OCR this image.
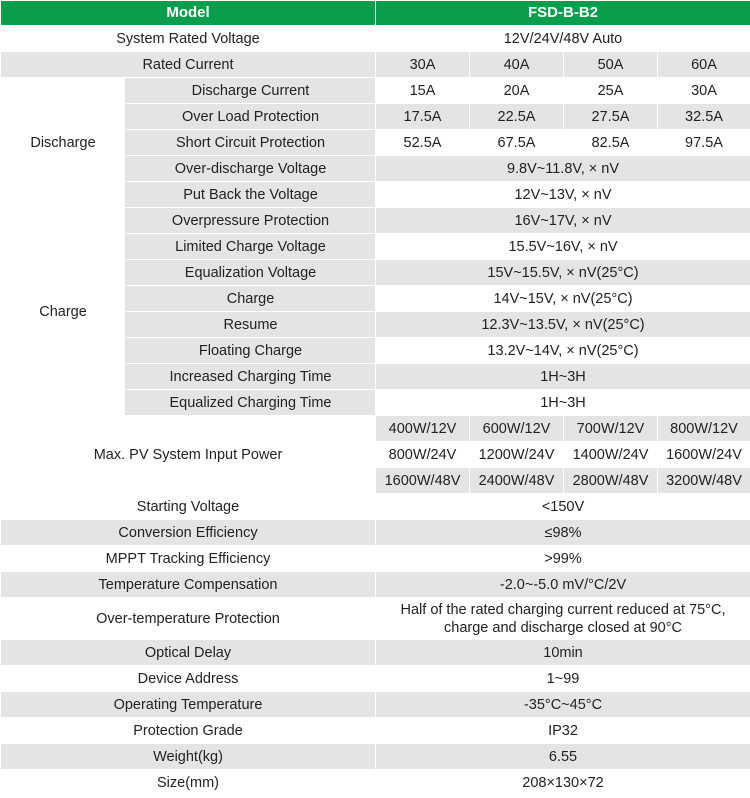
Model		FSD-B-B2			
System Rated Voltage		12V/24V/48V Auto			
Rated Current		30A	40A	50A	60A
Discharge	Discharge Current	15A	20A	25A	30A
	Over Load Protection	17.5A	22.5A	27.5A	32.5A
	Short Circuit Protection	52.5A	67.5A	82.5A	97.5A
	Over-discharge Voltage	9.8V~11.8V, × nV			
	Put Back the Voltage	12V~13V, × nV			
Charge	Overpressure Protection	16V~17V, × nV			
	Limited Charge Voltage	15.5V~16V, × nV			
	Equalization Voltage	15V~15.5V, × nV(25°C)			
	Charge	14V~15V, × nV(25°C)			
	Resume	12.3V~13.5V, × nV(25°C)			
	Floating Charge	13.2V~14V, × nV(25°C)			
	Increased Charging Time	1H~3H			
	Equalized Charging Time	1H~3H			
Max. PV System Input Power		400W/12V	600W/12V	700W/12V	800W/12V
		800W/24V	1200W/24V	1400W/24V	1600W/24V
		1600W/48V	2400W/48V	2800W/48V	3200W/48V
Starting Voltage		<150V			
Conversion Efficiency		≤98%			
MPPT Tracking Efficiency		>99%			
Temperature Compensation		-2.0~-5.0 mV/°C/2V			
Over-temperature Protection		Half of the rated charging current reduced at 75°C,
charge and discharge closed at 90°C			
Optical Delay		10min			
Device Address		1~99			
Operating Temperature		-35°C~45°C			
Protection Grade		IP32			
Weight(kg)		6.55			
Size(mm)		208×130×72			
